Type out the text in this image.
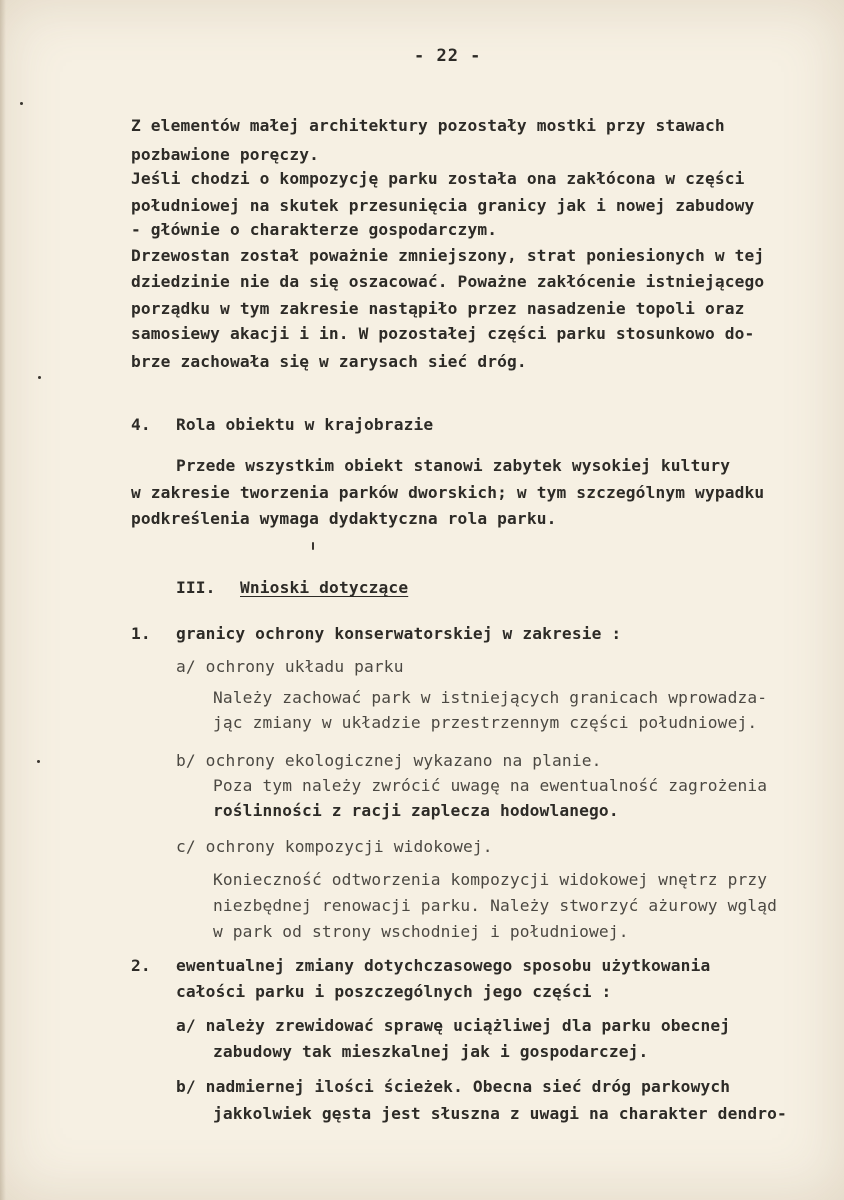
- 22 -
Z elementów małej architektury pozostały mostki przy stawach
pozbawione poręczy.
Jeśli chodzi o kompozycję parku została ona zakłócona w części
południowej na skutek przesunięcia granicy jak i nowej zabudowy
- głównie o charakterze gospodarczym.
Drzewostan został poważnie zmniejszony, strat poniesionych w tej
dziedzinie nie da się oszacować. Poważne zakłócenie istniejącego
porządku w tym zakresie nastąpiło przez nasadzenie topoli oraz
samosiewy akacji i in. W pozostałej części parku stosunkowo do-
brze zachowała się w zarysach sieć dróg.
4. Rola obiektu w krajobrazie
Przede wszystkim obiekt stanowi zabytek wysokiej kultury
w zakresie tworzenia parków dworskich; w tym szczególnym wypadku
podkreślenia wymaga dydaktyczna rola parku.
III. Wnioski dotyczące
1. granicy ochrony konserwatorskiej w zakresie :
a/ ochrony układu parku
Należy zachować park w istniejących granicach wprowadza-
jąc zmiany w układzie przestrzennym części południowej.
b/ ochrony ekologicznej wykazano na planie.
Poza tym należy zwrócić uwagę na ewentualność zagrożenia
roślinności z racji zaplecza hodowlanego.
c/ ochrony kompozycji widokowej.
Konieczność odtworzenia kompozycji widokowej wnętrz przy
niezbędnej renowacji parku. Należy stworzyć ażurowy wgląd
w park od strony wschodniej i południowej.
2. ewentualnej zmiany dotychczasowego sposobu użytkowania
całości parku i poszczególnych jego części :
a/ należy zrewidować sprawę uciążliwej dla parku obecnej
zabudowy tak mieszkalnej jak i gospodarczej.
b/ nadmiernej ilości ścieżek. Obecna sieć dróg parkowych
jakkolwiek gęsta jest słuszna z uwagi na charakter dendro-
